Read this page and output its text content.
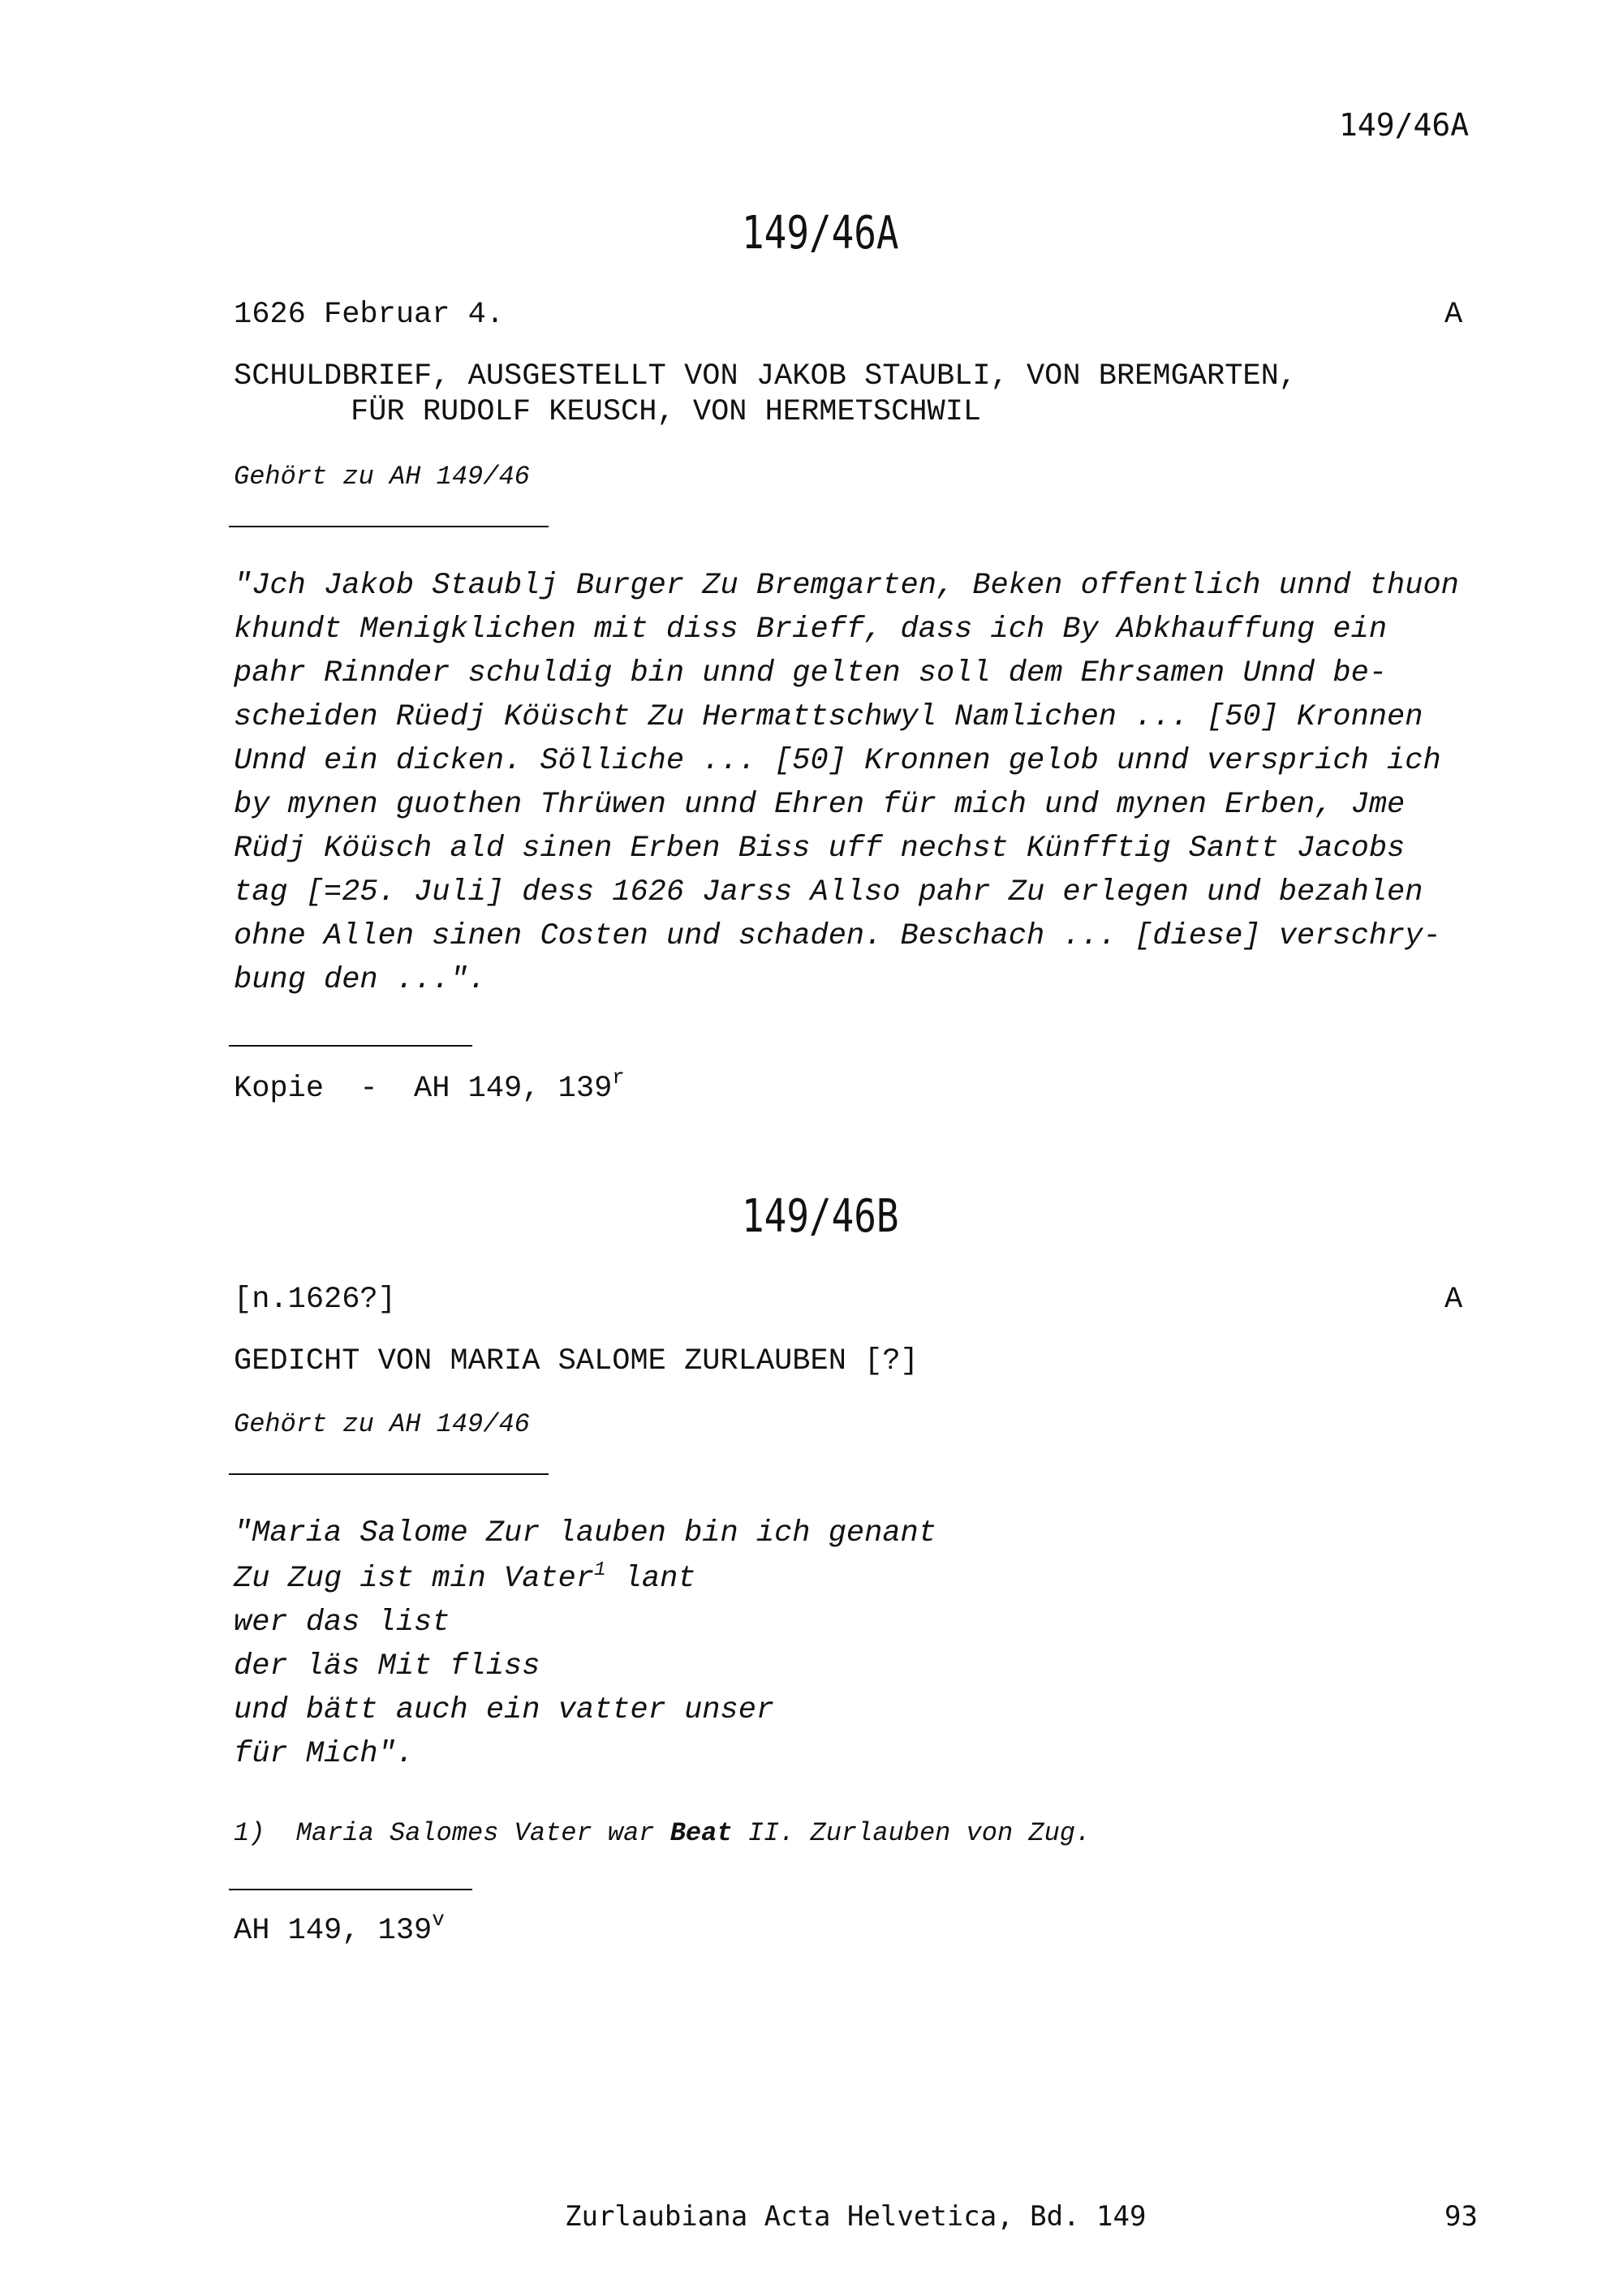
149/46A
149/46A
1626 Februar 4.	A
SCHULDBRIEF, AUSGESTELLT VON JAKOB STAUBLI, VON BREMGARTEN,
FÜR RUDOLF KEUSCH, VON HERMETSCHWIL
Gehört zu AH 149/46
"Jch Jakob Staublj Burger Zu Bremgarten, Beken offentlich unnd thuon
khundt Menigklichen mit diss Brieff, dass ich By Abkhauffung ein
pahr Rinnder schuldig bin unnd gelten soll dem Ehrsamen Unnd be-
scheiden Rüedj Köüscht Zu Hermattschwyl Namlichen ... [50] Kronnen
Unnd ein dicken. Sölliche ... [50] Kronnen gelob unnd versprich ich
by mynen guothen Thrüwen unnd Ehren für mich und mynen Erben, Jme
Rüdj Köüsch ald sinen Erben Biss uff nechst Künfftig Santt Jacobs
tag [=25. Juli] dess 1626 Jarss Allso pahr Zu erlegen und bezahlen
ohne Allen sinen Costen und schaden. Beschach ... [diese] verschry-
bung den ...".
Kopie  -  AH 149, 139$^r$
149/46B
[n.1626?]	A
GEDICHT VON MARIA SALOME ZURLAUBEN [?]
Gehört zu AH 149/46
"Maria Salome Zur lauben bin ich genant
Zu Zug ist min Vater$^1$ lant
wer das list
der läs Mit fliss
und bätt auch ein vatter unser
für Mich".
1)  Maria Salomes Vater war Beat II. Zurlauben von Zug.
AH 149, 139$^v$
Zurlaubiana Acta Helvetica, Bd. 149	93
